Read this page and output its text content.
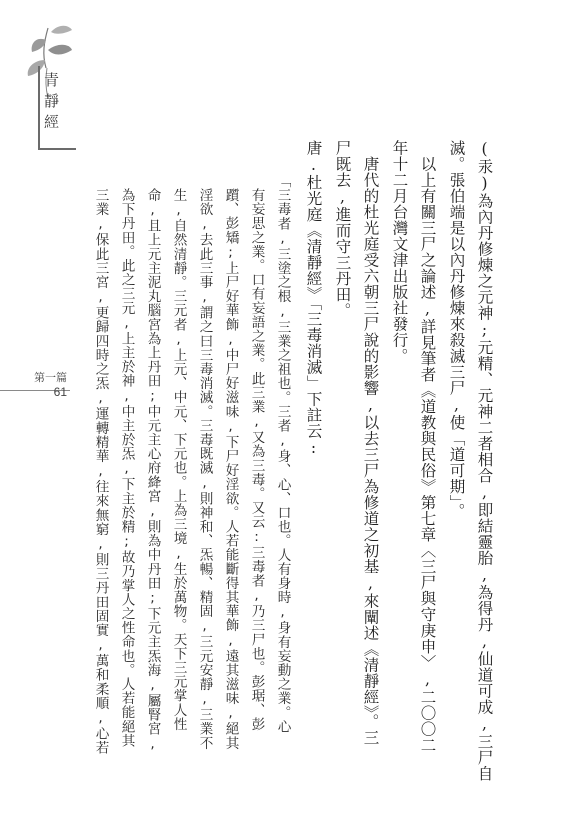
青
靜
經
第一篇
61	(汞)為內丹修煉之元神;元精、元神二者相合,即結靈胎,為得丹,仙道可成,三尸自
滅。張伯端是以內丹修煉來殺滅三尸,使「道可期」。
以上有關三尸之論述,詳見筆者《道教與民俗》第七章〈三尸與守庚申〉,二〇〇二
年十二月台灣文津出版社發行。
唐代的杜光庭受六朝三尸說的影響,以去三尸為修道之初基,來闡述《清靜經》。三
尸既去,進而守三丹田。
唐.杜光庭《清靜經》「三毒消滅」下註云:
「三毒者,三塗之根,三業之祖也。三者,身、心、口也。人有身時,身有妄動之業。心
有妄思之業。口有妄語之業。此三業,又為三毒。又云:三毒者,乃三尸也。彭琚、彭
躓、彭矯;上尸好華飾,中尸好滋味,下尸好淫欲。人若能斷得其華飾,遠其滋味,絕其
淫欲,去此三事,謂之曰三毒消滅。三毒既滅,則神和、炁暢、精固,三元安靜,三業不
生,自然清靜。三元者,上元、中元、下元也。上為三境,生於萬物。天下三元掌人性
命,且上元主泥丸腦宮為上丹田;中元主心府絳宮,則為中丹田;下元主炁海,屬腎宮,
為下丹田。此之三元,上主於神,中主於炁,下主於精;故乃掌人之性命也。人若能絕其
三業,保此三宮,更歸四時之炁,運轉精華,往來無窮,則三丹田固實,萬和柔順,心若
